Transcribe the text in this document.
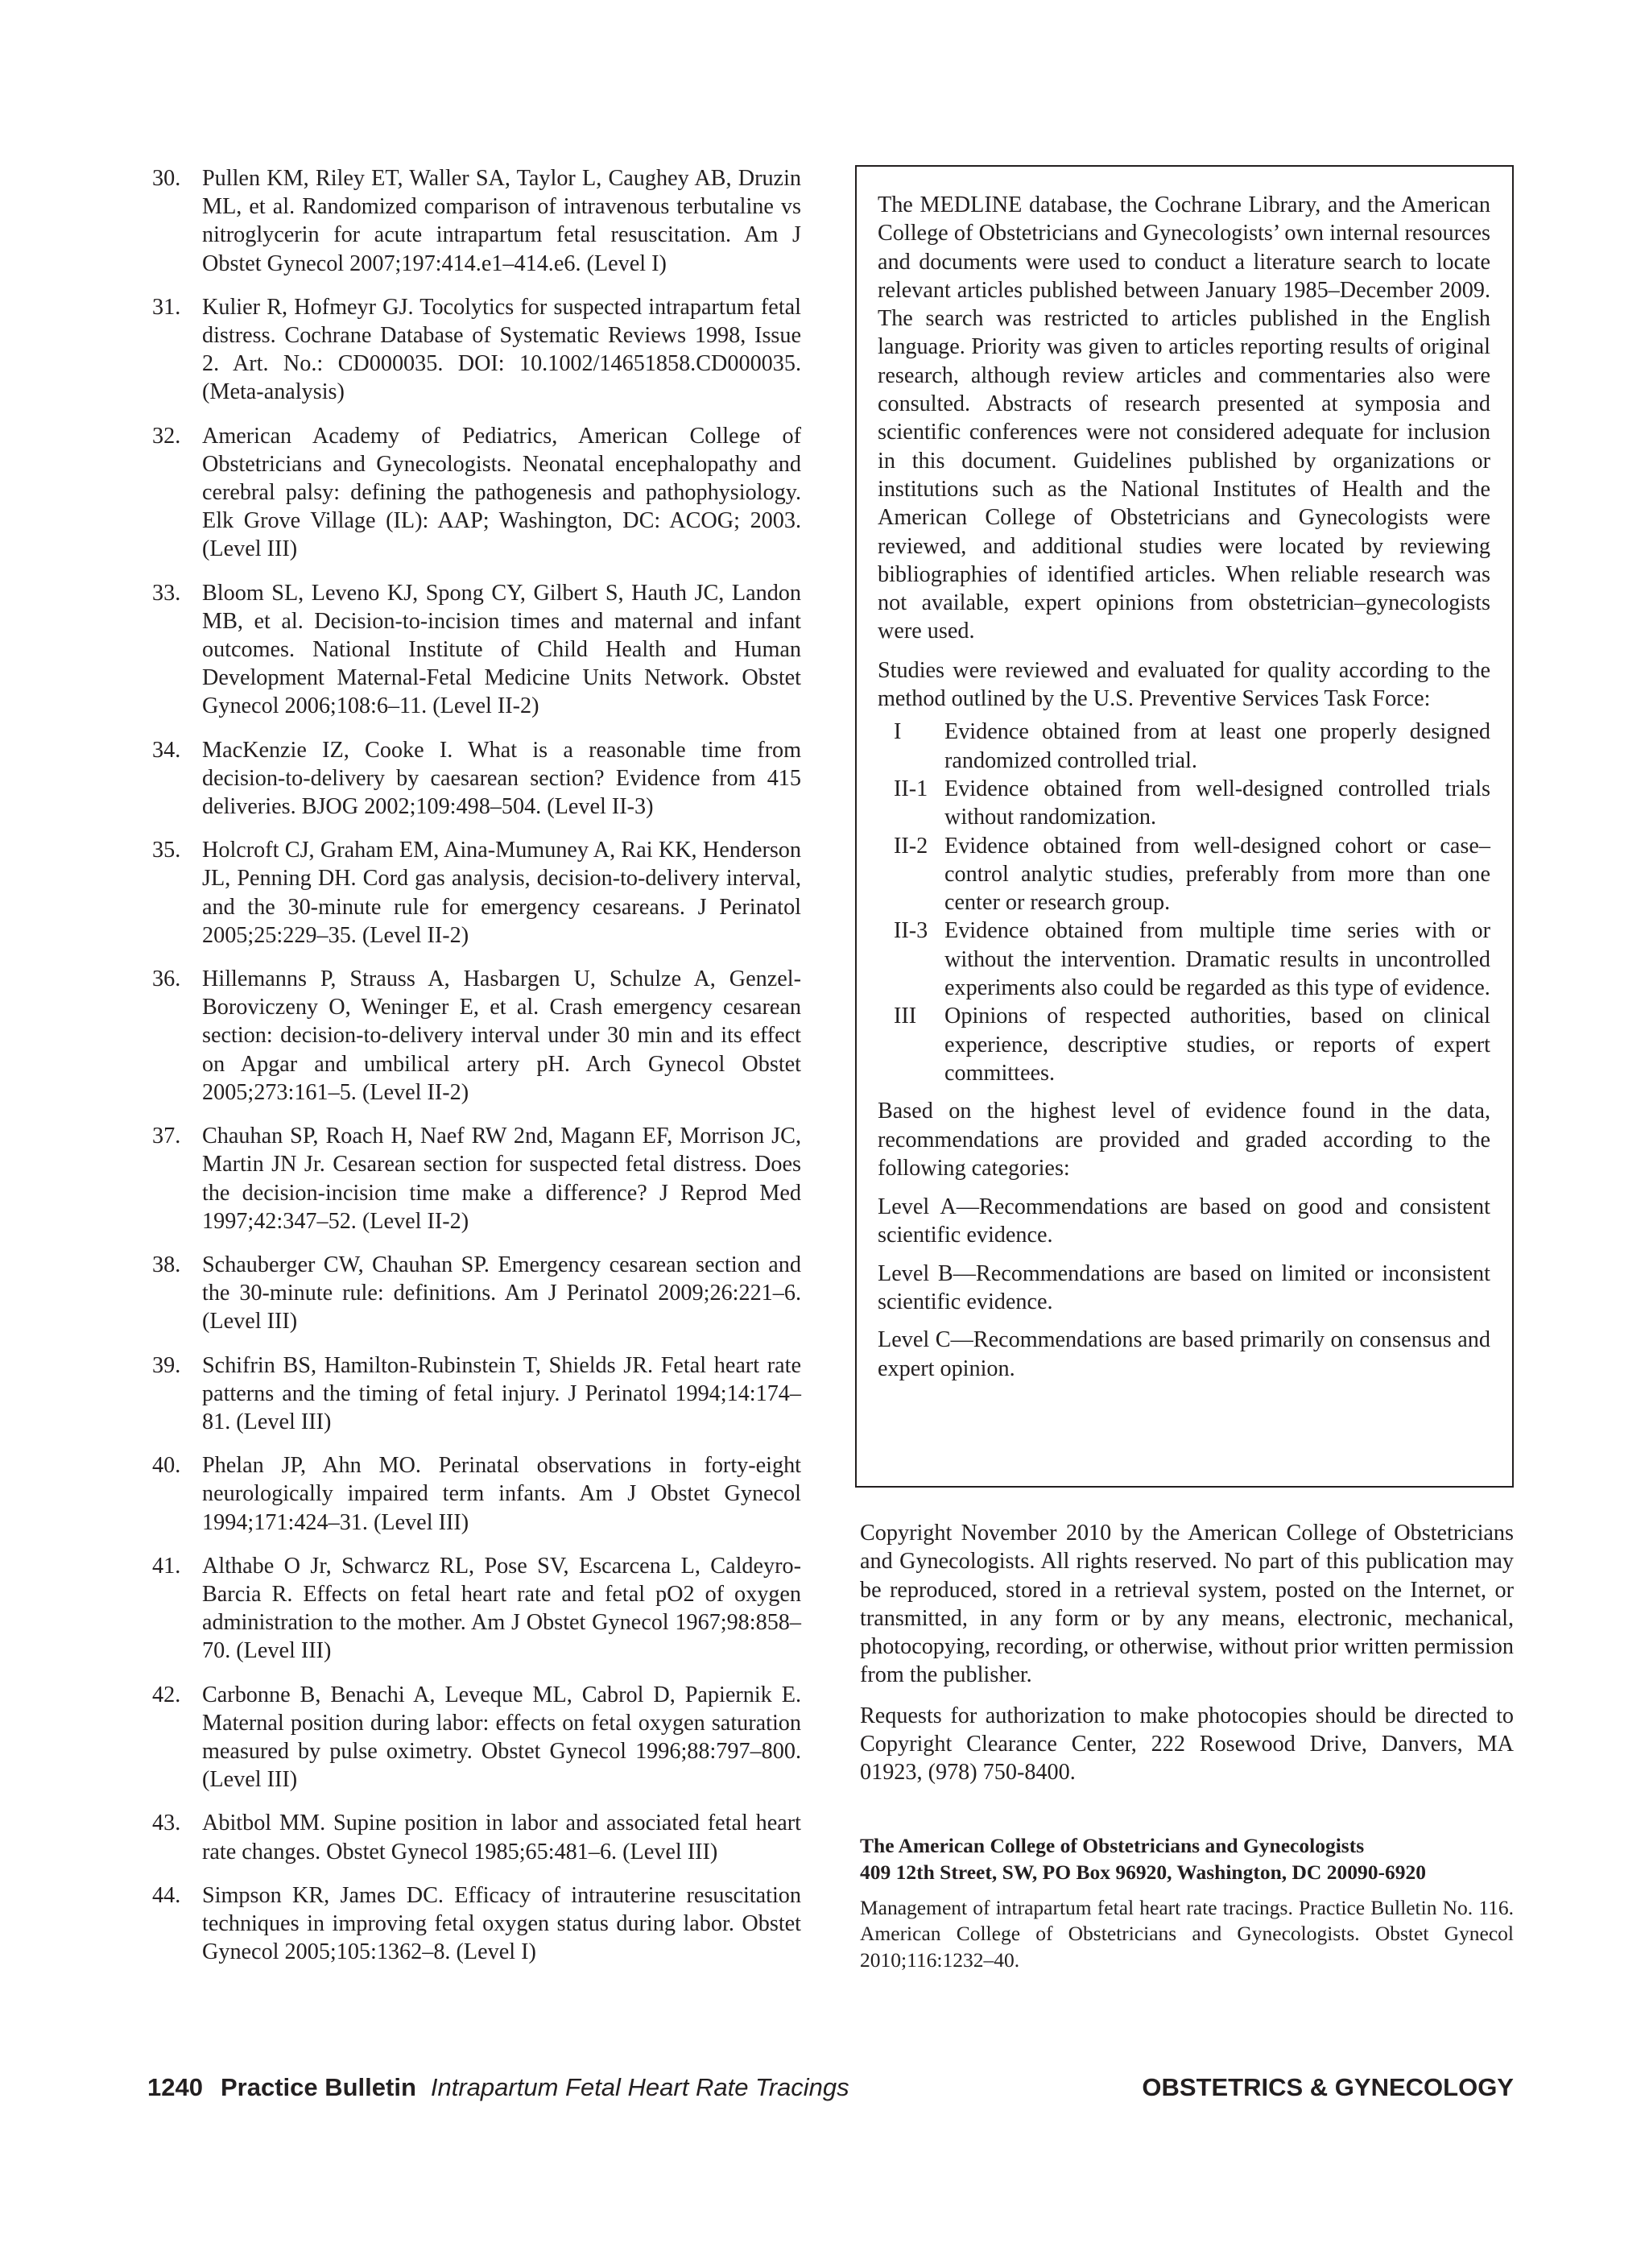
30. Pullen KM, Riley ET, Waller SA, Taylor L, Caughey AB, Druzin ML, et al. Randomized comparison of intravenous terbutaline vs nitroglycerin for acute intrapartum fetal resuscitation. Am J Obstet Gynecol 2007;197:414.e1–414.e6. (Level I)
31. Kulier R, Hofmeyr GJ. Tocolytics for suspected intrapartum fetal distress. Cochrane Database of Systematic Reviews 1998, Issue 2. Art. No.: CD000035. DOI: 10.1002/14651858.CD000035. (Meta-analysis)
32. American Academy of Pediatrics, American College of Obstetricians and Gynecologists. Neonatal encephalopathy and cerebral palsy: defining the pathogenesis and pathophysiology. Elk Grove Village (IL): AAP; Washington, DC: ACOG; 2003. (Level III)
33. Bloom SL, Leveno KJ, Spong CY, Gilbert S, Hauth JC, Landon MB, et al. Decision-to-incision times and maternal and infant outcomes. National Institute of Child Health and Human Development Maternal-Fetal Medicine Units Network. Obstet Gynecol 2006;108:6–11. (Level II-2)
34. MacKenzie IZ, Cooke I. What is a reasonable time from decision-to-delivery by caesarean section? Evidence from 415 deliveries. BJOG 2002;109:498–504. (Level II-3)
35. Holcroft CJ, Graham EM, Aina-Mumuney A, Rai KK, Henderson JL, Penning DH. Cord gas analysis, decision-to-delivery interval, and the 30-minute rule for emergency cesareans. J Perinatol 2005;25:229–35. (Level II-2)
36. Hillemanns P, Strauss A, Hasbargen U, Schulze A, Genzel-Boroviczeny O, Weninger E, et al. Crash emergency cesarean section: decision-to-delivery interval under 30 min and its effect on Apgar and umbilical artery pH. Arch Gynecol Obstet 2005;273:161–5. (Level II-2)
37. Chauhan SP, Roach H, Naef RW 2nd, Magann EF, Morrison JC, Martin JN Jr. Cesarean section for suspected fetal distress. Does the decision-incision time make a difference? J Reprod Med 1997;42:347–52. (Level II-2)
38. Schauberger CW, Chauhan SP. Emergency cesarean section and the 30-minute rule: definitions. Am J Perinatol 2009;26:221–6. (Level III)
39. Schifrin BS, Hamilton-Rubinstein T, Shields JR. Fetal heart rate patterns and the timing of fetal injury. J Perinatol 1994;14:174–81. (Level III)
40. Phelan JP, Ahn MO. Perinatal observations in forty-eight neurologically impaired term infants. Am J Obstet Gynecol 1994;171:424–31. (Level III)
41. Althabe O Jr, Schwarcz RL, Pose SV, Escarcena L, Caldeyro-Barcia R. Effects on fetal heart rate and fetal pO2 of oxygen administration to the mother. Am J Obstet Gynecol 1967;98:858–70. (Level III)
42. Carbonne B, Benachi A, Leveque ML, Cabrol D, Papiernik E. Maternal position during labor: effects on fetal oxygen saturation measured by pulse oximetry. Obstet Gynecol 1996;88:797–800. (Level III)
43. Abitbol MM. Supine position in labor and associated fetal heart rate changes. Obstet Gynecol 1985;65:481–6. (Level III)
44. Simpson KR, James DC. Efficacy of intrauterine resuscitation techniques in improving fetal oxygen status during labor. Obstet Gynecol 2005;105:1362–8. (Level I)

The MEDLINE database, the Cochrane Library, and the American College of Obstetricians and Gynecologists’ own internal resources and documents were used to conduct a literature search to locate relevant articles published between January 1985–December 2009. The search was restricted to articles published in the English language. Priority was given to articles reporting results of original research, although review articles and commentaries also were consulted. Abstracts of research presented at symposia and scientific conferences were not considered adequate for inclusion in this document. Guidelines published by organizations or institutions such as the National Institutes of Health and the American College of Obstetricians and Gynecologists were reviewed, and additional studies were located by reviewing bibliographies of identified articles. When reliable research was not available, expert opinions from obstetrician–gynecologists were used.

Studies were reviewed and evaluated for quality according to the method outlined by the U.S. Preventive Services Task Force:

I	Evidence obtained from at least one properly designed randomized controlled trial.
II-1 Evidence obtained from well-designed controlled trials without randomization.
II-2 Evidence obtained from well-designed cohort or case–control analytic studies, preferably from more than one center or research group.
II-3 Evidence obtained from multiple time series with or without the intervention. Dramatic results in uncontrolled experiments also could be regarded as this type of evidence.
III	Opinions of respected authorities, based on clinical experience, descriptive studies, or reports of expert committees.

Based on the highest level of evidence found in the data, recommendations are provided and graded according to the following categories:

Level A—Recommendations are based on good and consistent scientific evidence.

Level B—Recommendations are based on limited or inconsistent scientific evidence.

Level C—Recommendations are based primarily on consensus and expert opinion.

Copyright November 2010 by the American College of Obstetricians and Gynecologists. All rights reserved. No part of this publication may be reproduced, stored in a retrieval system, posted on the Internet, or transmitted, in any form or by any means, electronic, mechanical, photocopying, recording, or otherwise, without prior written permission from the publisher.

Requests for authorization to make photocopies should be directed to Copyright Clearance Center, 222 Rosewood Drive, Danvers, MA 01923, (978) 750-8400.

The American College of Obstetricians and Gynecologists
409 12th Street, SW, PO Box 96920, Washington, DC 20090-6920
Management of intrapartum fetal heart rate tracings. Practice Bulletin No. 116. American College of Obstetricians and Gynecologists. Obstet Gynecol 2010;116:1232–40.
1240 Practice Bulletin Intrapartum Fetal Heart Rate Tracings	OBSTETRICS & GYNECOLOGY
